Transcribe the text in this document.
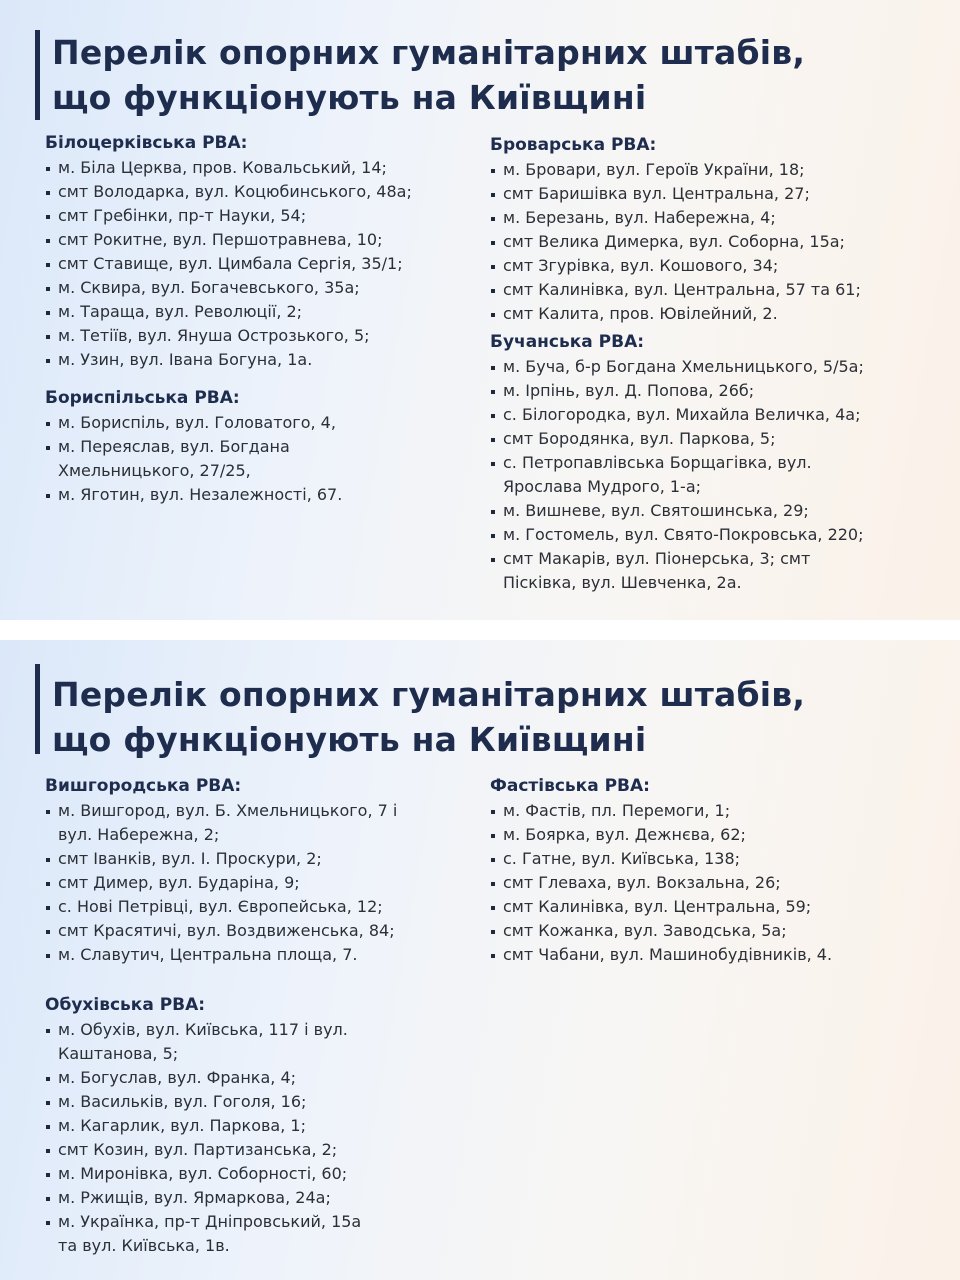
Перелік опорних гуманітарних штабів,
що функціонують на Київщині
Білоцерківська РВА:
м. Біла Церква, пров. Ковальський, 14;
смт Володарка, вул. Коцюбинського, 48а;
смт Гребінки, пр-т Науки, 54;
смт Рокитне, вул. Першотравнева, 10;
смт Ставище, вул. Цимбала Сергія, 35/1;
м. Сквира, вул. Богачевського, 35а;
м. Тараща, вул. Революції, 2;
м. Тетіїв, вул. Януша Острозького, 5;
м. Узин, вул. Івана Богуна, 1а.
Бориспільська РВА:
м. Бориспіль, вул. Головатого, 4,
м. Переяслав, вул. Богдана
Хмельницького, 27/25,
м. Яготин, вул. Незалежності, 67.
Броварська РВА:
м. Бровари, вул. Героїв України, 18;
смт Баришівка вул. Центральна, 27;
м. Березань, вул. Набережна, 4;
смт Велика Димерка, вул. Соборна, 15а;
смт Згурівка, вул. Кошового, 34;
смт Калинівка, вул. Центральна, 57 та 61;
смт Калита, пров. Ювілейний, 2.
Бучанська РВА:
м. Буча, б-р Богдана Хмельницького, 5/5а;
м. Ірпінь, вул. Д. Попова, 26б;
с. Білогородка, вул. Михайла Величка, 4а;
смт Бородянка, вул. Паркова, 5;
с. Петропавлівська Борщагівка, вул.
Ярослава Мудрого, 1-а;
м. Вишневе, вул. Святошинська, 29;
м. Гостомель, вул. Свято-Покровська, 220;
смт Макарів, вул. Піонерська, 3; смт
Пісківка, вул. Шевченка, 2а.
Перелік опорних гуманітарних штабів,
що функціонують на Київщині
Вишгородська РВА:
м. Вишгород, вул. Б. Хмельницького, 7 і
вул. Набережна, 2;
смт Іванків, вул. І. Проскури, 2;
смт Димер, вул. Бударіна, 9;
с. Нові Петрівці, вул. Європейська, 12;
смт Красятичі, вул. Воздвиженська, 84;
м. Славутич, Центральна площа, 7.
Обухівська РВА:
м. Обухів, вул. Київська, 117 і вул.
Каштанова, 5;
м. Богуслав, вул. Франка, 4;
м. Васильків, вул. Гоголя, 16;
м. Кагарлик, вул. Паркова, 1;
смт Козин, вул. Партизанська, 2;
м. Миронівка, вул. Соборності, 60;
м. Ржищів, вул. Ярмаркова, 24а;
м. Українка, пр-т Дніпровський, 15а
та вул. Київська, 1в.
Фастівська РВА:
м. Фастів, пл. Перемоги, 1;
м. Боярка, вул. Дежнєва, 62;
с. Гатне, вул. Київська, 138;
смт Глеваха, вул. Вокзальна, 26;
смт Калинівка, вул. Центральна, 59;
смт Кожанка, вул. Заводська, 5а;
смт Чабани, вул. Машинобудівників, 4.
